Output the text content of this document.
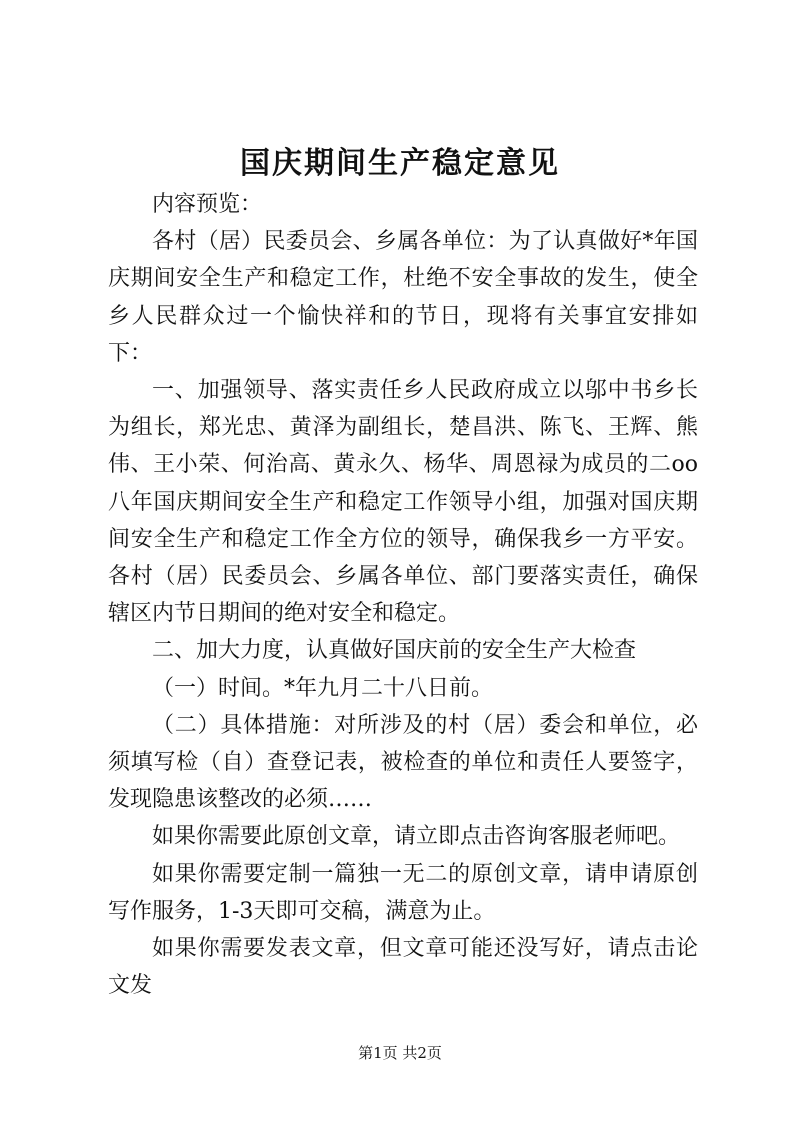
国庆期间生产稳定意见

内容预览：

各村（居）民委员会、乡属各单位：为了认真做好*年国庆期间安全生产和稳定工作，杜绝不安全事故的发生，使全乡人民群众过一个愉快祥和的节日，现将有关事宜安排如下：

一、加强领导、落实责任乡人民政府成立以邬中书乡长为组长，郑光忠、黄泽为副组长，楚昌洪、陈飞、王辉、熊伟、王小荣、何治高、黄永久、杨华、周恩禄为成员的二oo八年国庆期间安全生产和稳定工作领导小组，加强对国庆期间安全生产和稳定工作全方位的领导，确保我乡一方平安。各村（居）民委员会、乡属各单位、部门要落实责任，确保辖区内节日期间的绝对安全和稳定。

二、加大力度，认真做好国庆前的安全生产大检查

（一）时间。*年九月二十八日前。

（二）具体措施：对所涉及的村（居）委会和单位，必须填写检（自）查登记表，被检查的单位和责任人要签字，发现隐患该整改的必须……

如果你需要此原创文章，请立即点击咨询客服老师吧。

如果你需要定制一篇独一无二的原创文章，请申请原创写作服务，1-3天即可交稿，满意为止。

如果你需要发表文章，但文章可能还没写好，请点击论文发

第1页 共2页
